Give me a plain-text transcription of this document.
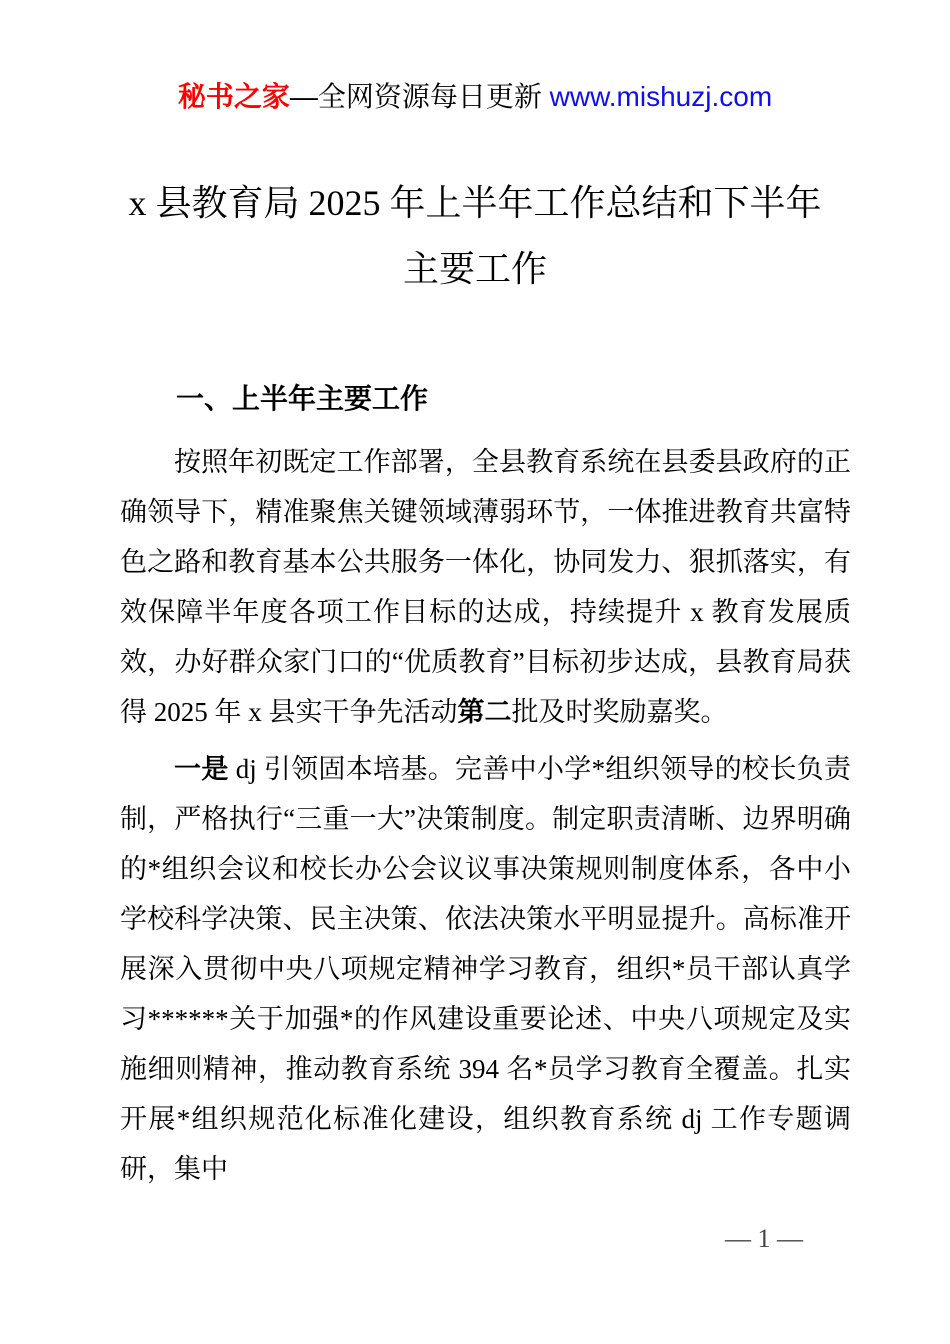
秘书之家—全网资源每日更新 www.mishuzj.com
x 县教育局 2025 年上半年工作总结和下半年主要工作
一、上半年主要工作

按照年初既定工作部署，全县教育系统在县委县政府的正确领导下，精准聚焦关键领域薄弱环节，一体推进教育共富特色之路和教育基本公共服务一体化，协同发力、狠抓落实，有效保障半年度各项工作目标的达成，持续提升 x 教育发展质效，办好群众家门口的“优质教育”目标初步达成，县教育局获得 2025 年 x 县实干争先活动第二批及时奖励嘉奖。

一是 dj 引领固本培基。完善中小学*组织领导的校长负责制，严格执行“三重一大”决策制度。制定职责清晰、边界明确的*组织会议和校长办公会议议事决策规则制度体系，各中小学校科学决策、民主决策、依法决策水平明显提升。高标准开展深入贯彻中央八项规定精神学习教育，组织*员干部认真学习******关于加强*的作风建设重要论述、中央八项规定及实施细则精神，推动教育系统 394 名*员学习教育全覆盖。扎实开展*组织规范化标准化建设，组织教育系统 dj 工作专题调研，集中

— 1 —
